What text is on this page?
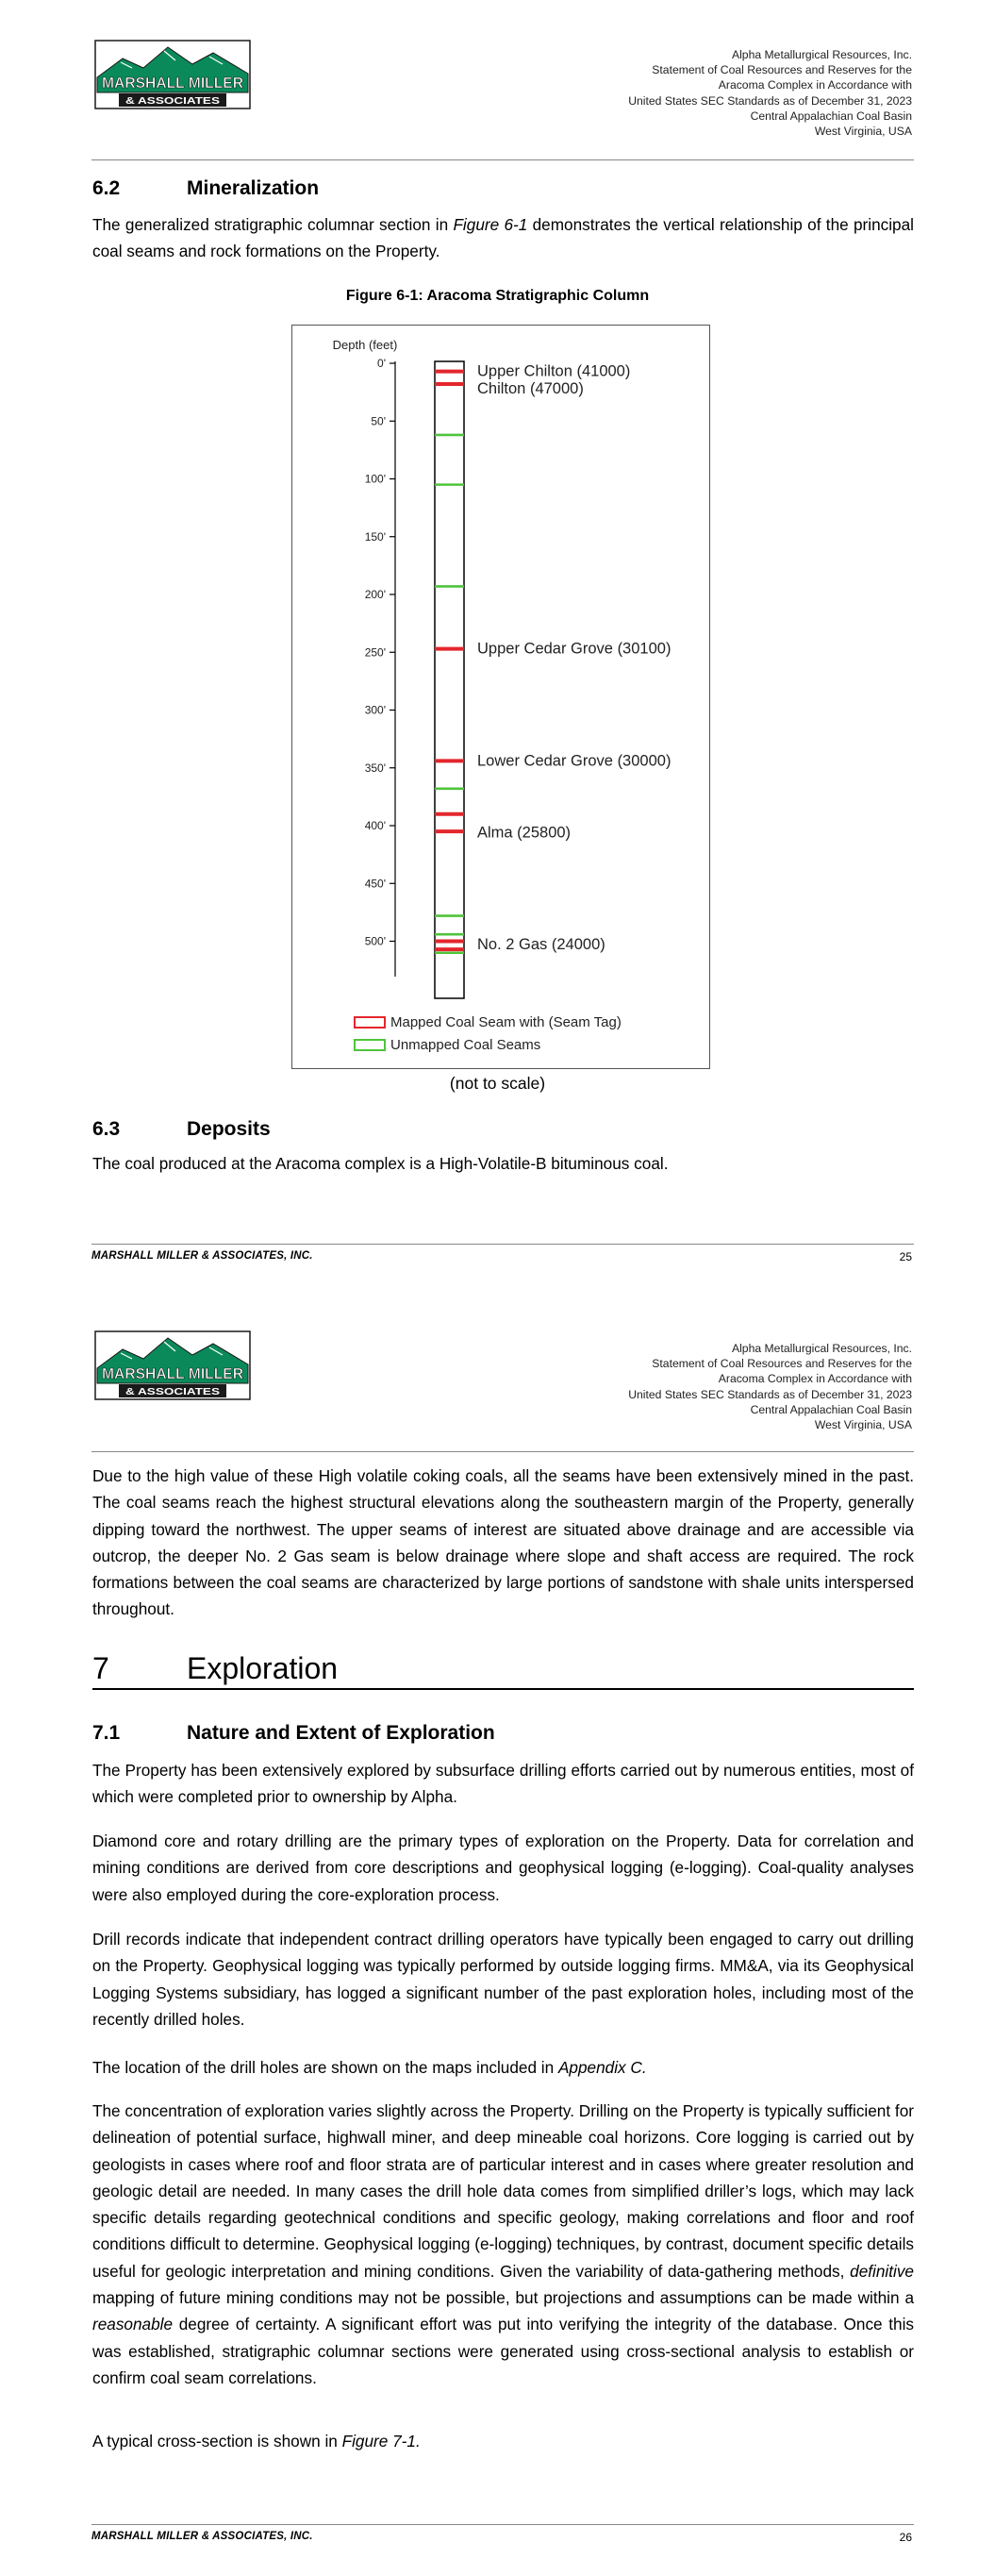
MARSHALL MILLER
& ASSOCIATES
Alpha Metallurgical Resources, Inc.
Statement of Coal Resources and Reserves for the
Aracoma Complex in Accordance with
United States SEC Standards as of December 31, 2023
Central Appalachian Coal Basin
West Virginia, USA
6.2	Mineralization
The generalized stratigraphic columnar section in Figure 6-1 demonstrates the vertical relationship of the principal coal seams and rock formations on the Property.
Figure 6-1: Aracoma Stratigraphic Column
Depth (feet)
0'
50'
100'
150'
200'
250'
300'
350'
400'
450'
500'
Upper Chilton (41000)
Chilton (47000)
Upper Cedar Grove (30100)
Lower Cedar Grove (30000)
Alma (25800)
No. 2 Gas (24000)
Mapped Coal Seam with (Seam Tag)
Unmapped Coal Seams
(not to scale)
6.3	Deposits
The coal produced at the Aracoma complex is a High-Volatile-B bituminous coal.
MARSHALL MILLER & ASSOCIATES, INC.	25
MARSHALL MILLER
& ASSOCIATES
Alpha Metallurgical Resources, Inc.
Statement of Coal Resources and Reserves for the
Aracoma Complex in Accordance with
United States SEC Standards as of December 31, 2023
Central Appalachian Coal Basin
West Virginia, USA
Due to the high value of these High volatile coking coals, all the seams have been extensively mined in the past. The coal seams reach the highest structural elevations along the southeastern margin of the Property, generally dipping toward the northwest. The upper seams of interest are situated above drainage and are accessible via outcrop, the deeper No. 2 Gas seam is below drainage where slope and shaft access are required. The rock formations between the coal seams are characterized by large portions of sandstone with shale units interspersed throughout.
7	Exploration
7.1	Nature and Extent of Exploration
The Property has been extensively explored by subsurface drilling efforts carried out by numerous entities, most of which were completed prior to ownership by Alpha.
Diamond core and rotary drilling are the primary types of exploration on the Property. Data for correlation and mining conditions are derived from core descriptions and geophysical logging (e-logging). Coal-quality analyses were also employed during the core-exploration process.
Drill records indicate that independent contract drilling operators have typically been engaged to carry out drilling on the Property. Geophysical logging was typically performed by outside logging firms. MM&A, via its Geophysical Logging Systems subsidiary, has logged a significant number of the past exploration holes, including most of the recently drilled holes.
The location of the drill holes are shown on the maps included in Appendix C.
The concentration of exploration varies slightly across the Property. Drilling on the Property is typically sufficient for delineation of potential surface, highwall miner, and deep mineable coal horizons. Core logging is carried out by geologists in cases where roof and floor strata are of particular interest and in cases where greater resolution and geologic detail are needed. In many cases the drill hole data comes from simplified driller’s logs, which may lack specific details regarding geotechnical conditions and specific geology, making correlations and floor and roof conditions difficult to determine. Geophysical logging (e-logging) techniques, by contrast, document specific details useful for geologic interpretation and mining conditions. Given the variability of data-gathering methods, definitive mapping of future mining conditions may not be possible, but projections and assumptions can be made within a reasonable degree of certainty. A significant effort was put into verifying the integrity of the database. Once this was established, stratigraphic columnar sections were generated using cross-sectional analysis to establish or confirm coal seam correlations.
A typical cross-section is shown in Figure 7-1.
MARSHALL MILLER & ASSOCIATES, INC.	26
